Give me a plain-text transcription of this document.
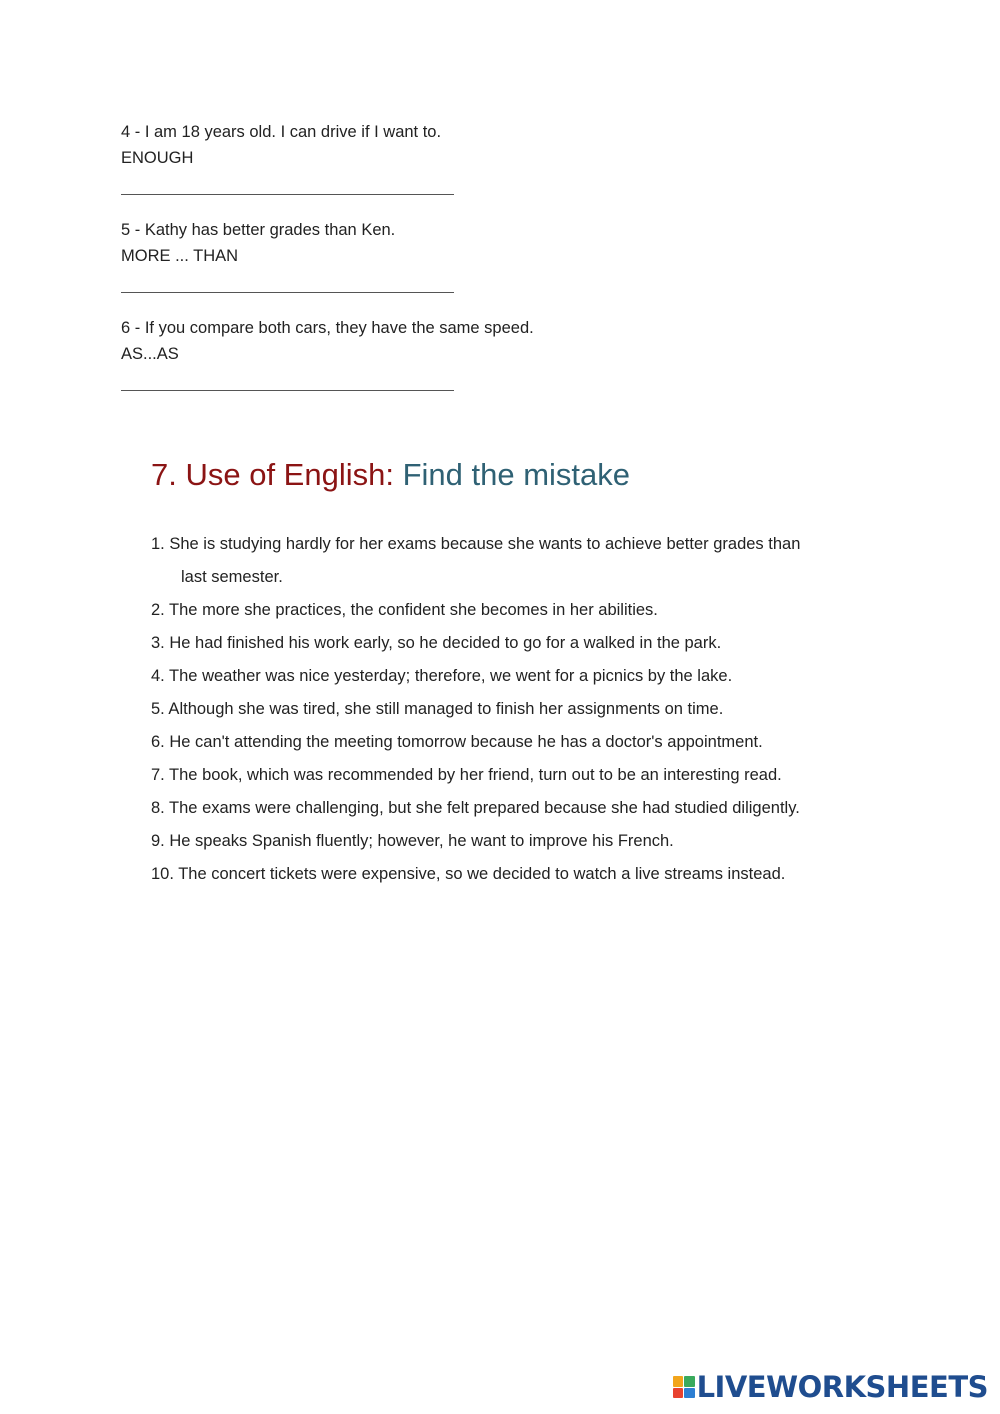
4 - I am 18 years old. I can drive if I want to.
ENOUGH
5 - Kathy has better grades than Ken.
MORE ... THAN
6 - If you compare both cars, they have the same speed.
AS...AS
7. Use of English: Find the mistake
1. She is studying hardly for her exams because she wants to achieve better grades than
last semester.
2. The more she practices, the confident she becomes in her abilities.
3. He had finished his work early, so he decided to go for a walked in the park.
4. The weather was nice yesterday; therefore, we went for a picnics by the lake.
5. Although she was tired, she still managed to finish her assignments on time.
6. He can't attending the meeting tomorrow because he has a doctor's appointment.
7. The book, which was recommended by her friend, turn out to be an interesting read.
8. The exams were challenging, but she felt prepared because she had studied diligently.
9. He speaks Spanish fluently; however, he want to improve his French.
10. The concert tickets were expensive, so we decided to watch a live streams instead.
LIVEWORKSHEETS
